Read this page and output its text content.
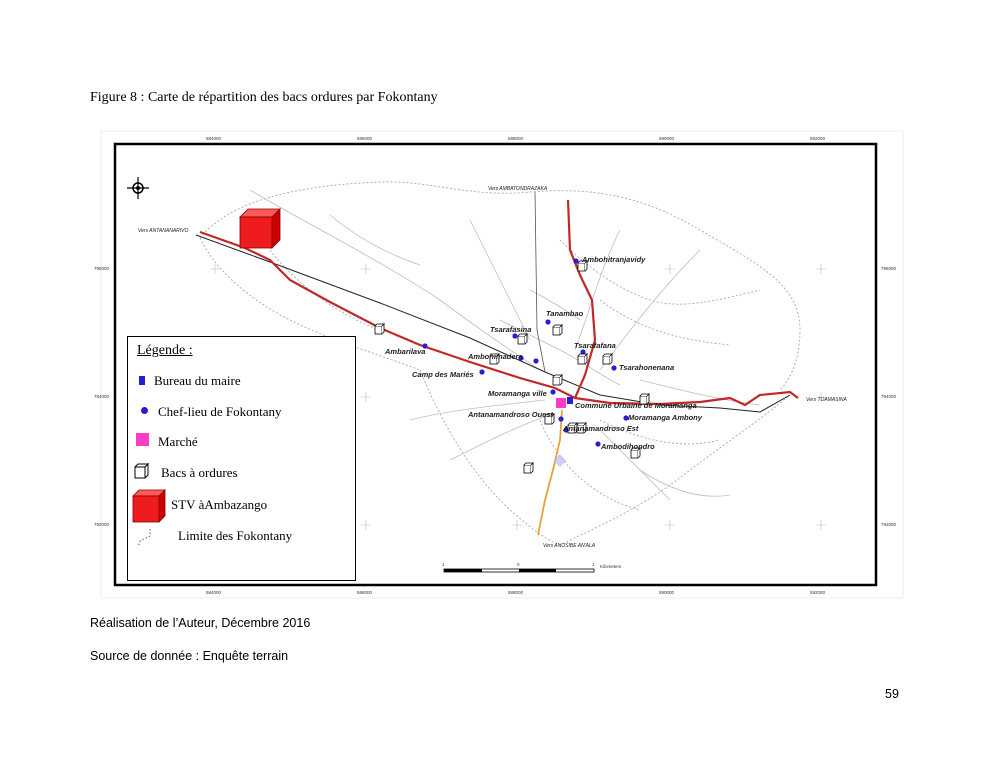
Figure 8 : Carte de répartition des bacs ordures par Fokontany
584000	586000	588000	590000	592000
584000	586000	588000	590000	592000
796000
794000
792000
796000
794000
792000
Vers AMBATONDRAZAKA
Vers ANTANANARIVO
Vers TOAMASINA
Vers ANOSIBE AN'ALA
Ambohitranjavidy
Tanambao
Tsarafasina
Tsarafafana
Ambarilava
Ambohimadera
Tsarahonenana
Camp des Mariés
Moramanga ville
Commune Urbaine de Moramanga
Antanamandroso Ouest	Moramanga Ambony
Antanamandroso Est
Ambodihondro
1	0	1 Kilometers
Légende :
Bureau du maire
Chef-lieu de Fokontany
Marché
Bacs à ordures
STV àAmbazango
Limite des Fokontany
Réalisation de l’Auteur, Décembre 2016
Source de donnée : Enquête terrain
59
